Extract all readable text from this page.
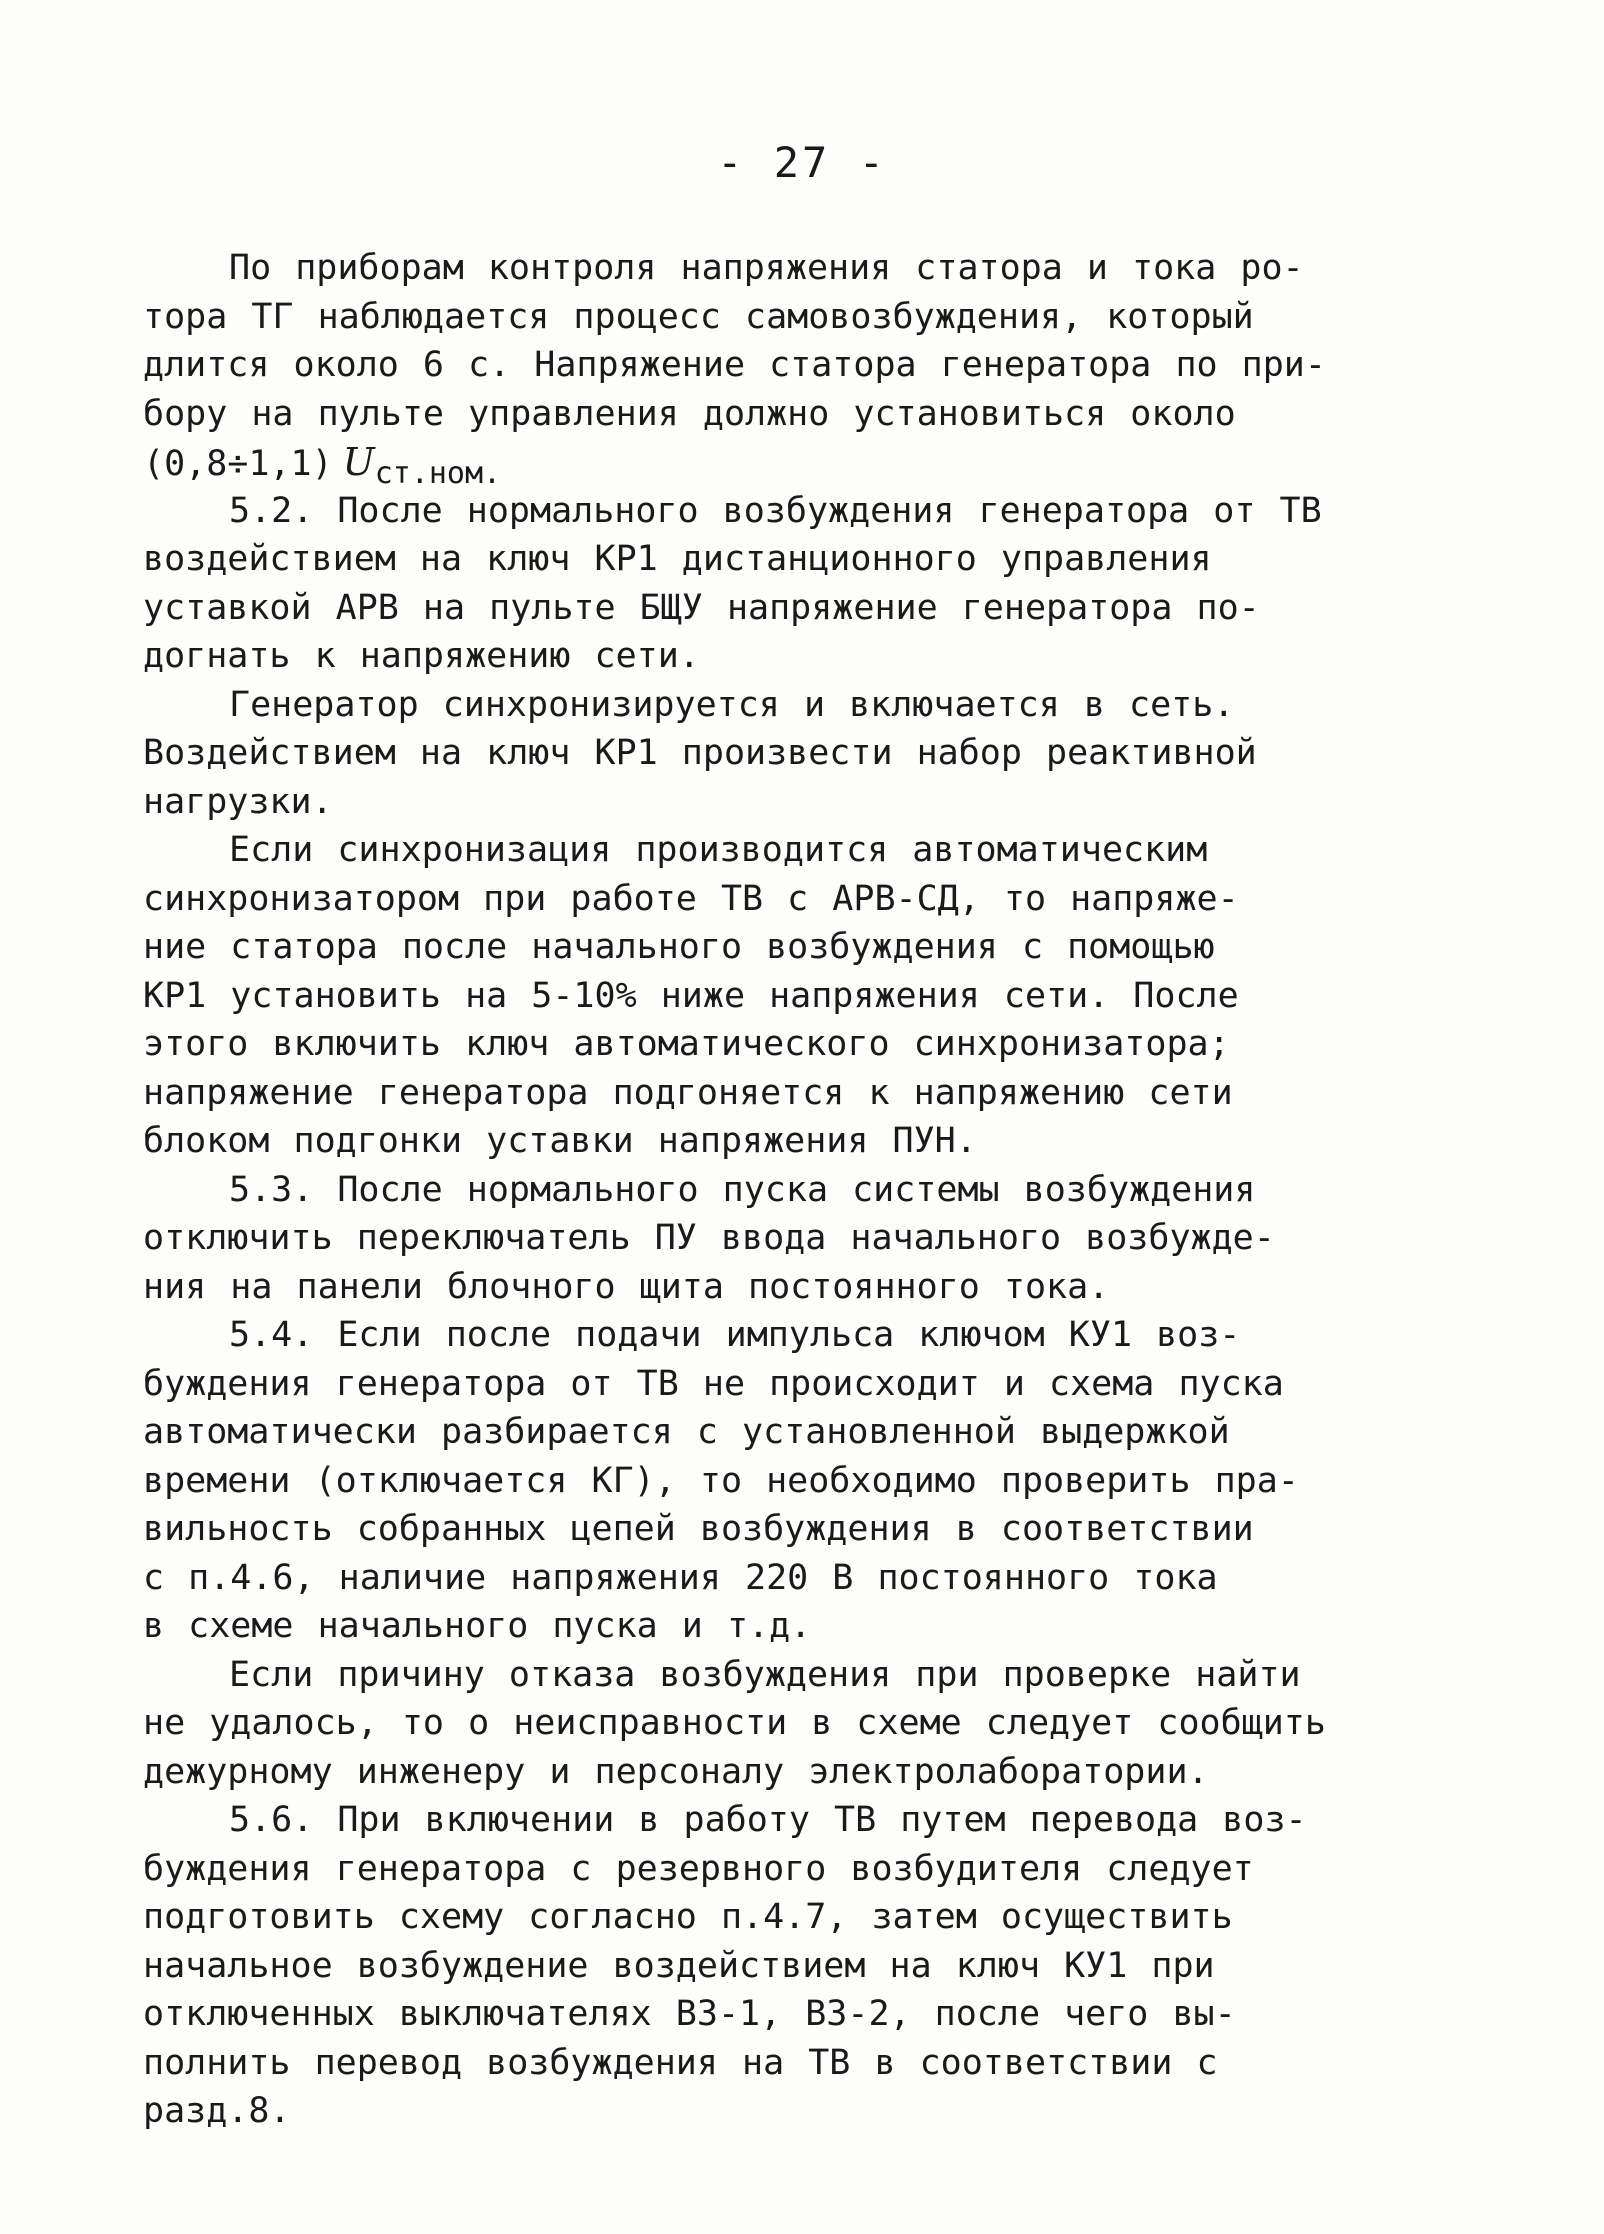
- 27 -
По приборам контроля напряжения статора и тока ро-
тора ТГ наблюдается процесс самовозбуждения, который
длится около 6 с. Напряжение статора генератора по при-
бору на пульте управления должно установиться около
(0,8÷1,1) Uст.ном.
5.2. После нормального возбуждения генератора от ТВ
воздействием на ключ КР1 дистанционного управления
уставкой АРВ на пульте БЩУ напряжение генератора по-
догнать к напряжению сети.
Генератор синхронизируется и включается в сеть.
Воздействием на ключ КР1 произвести набор реактивной
нагрузки.
Если синхронизация производится автоматическим
синхронизатором при работе ТВ с АРВ-СД, то напряже-
ние статора после начального возбуждения с помощью
КР1 установить на 5-10% ниже напряжения сети. После
этого включить ключ автоматического синхронизатора;
напряжение генератора подгоняется к напряжению сети
блоком подгонки уставки напряжения ПУН.
5.3. После нормального пуска системы возбуждения
отключить переключатель ПУ ввода начального возбужде-
ния на панели блочного щита постоянного тока.
5.4. Если после подачи импульса ключом КУ1 воз-
буждения генератора от ТВ не происходит и схема пуска
автоматически разбирается с установленной выдержкой
времени (отключается КГ), то необходимо проверить пра-
вильность собранных цепей возбуждения в соответствии
с п.4.6, наличие напряжения 220 В постоянного тока
в схеме начального пуска и т.д.
Если причину отказа возбуждения при проверке найти
не удалось, то о неисправности в схеме следует сообщить
дежурному инженеру и персоналу электролаборатории.
5.6. При включении в работу ТВ путем перевода воз-
буждения генератора с резервного возбудителя следует
подготовить схему согласно п.4.7, затем осуществить
начальное возбуждение воздействием на ключ КУ1 при
отключенных выключателях ВЗ-1, ВЗ-2, после чего вы-
полнить перевод возбуждения на ТВ в соответствии с
разд.8.
